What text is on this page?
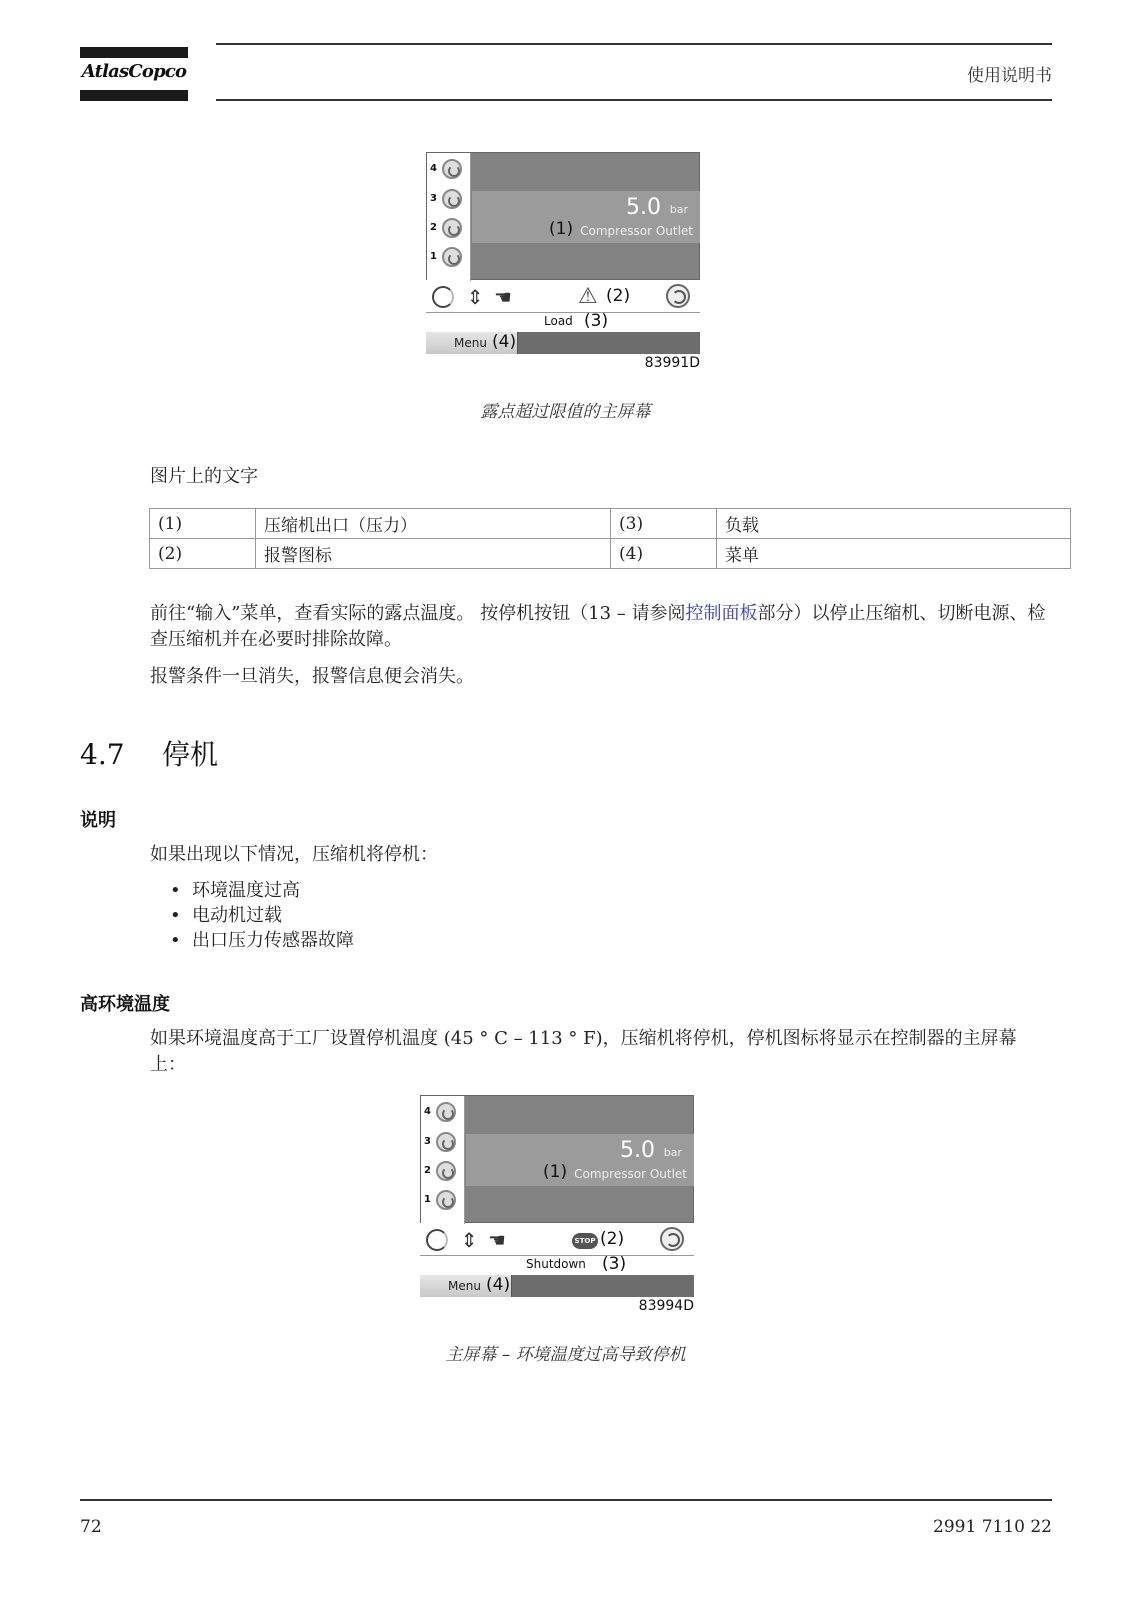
AtlasCopco	使用说明书
4
3
2
1
5.0 bar
(1) Compressor Outlet
⇕ ☚	⚠ (2)
Load (3)
Menu (4)
83991D
露点超过限值的主屏幕
图片上的文字
(1)	压缩机出口（压力）	(3)	负载
(2)	报警图标	(4)	菜单
前往“输入”菜单，查看实际的露点温度。 按停机按钮（13 – 请参阅控制面板部分）以停止压缩机、切断电源、检查压缩机并在必要时排除故障。
报警条件一旦消失，报警信息便会消失。
4.7 停机
说明
如果出现以下情况，压缩机将停机：
• 环境温度过高
• 电动机过载
• 出口压力传感器故障
高环境温度
如果环境温度高于工厂设置停机温度 (45 ° C – 113 ° F)，压缩机将停机，停机图标将显示在控制器的主屏幕上：
4
3
2
1
5.0 bar
(1) Compressor Outlet
⇕ ☚	STOP (2)
Shutdown (3)
Menu (4)
83994D
主屏幕 – 环境温度过高导致停机
72	2991 7110 22
